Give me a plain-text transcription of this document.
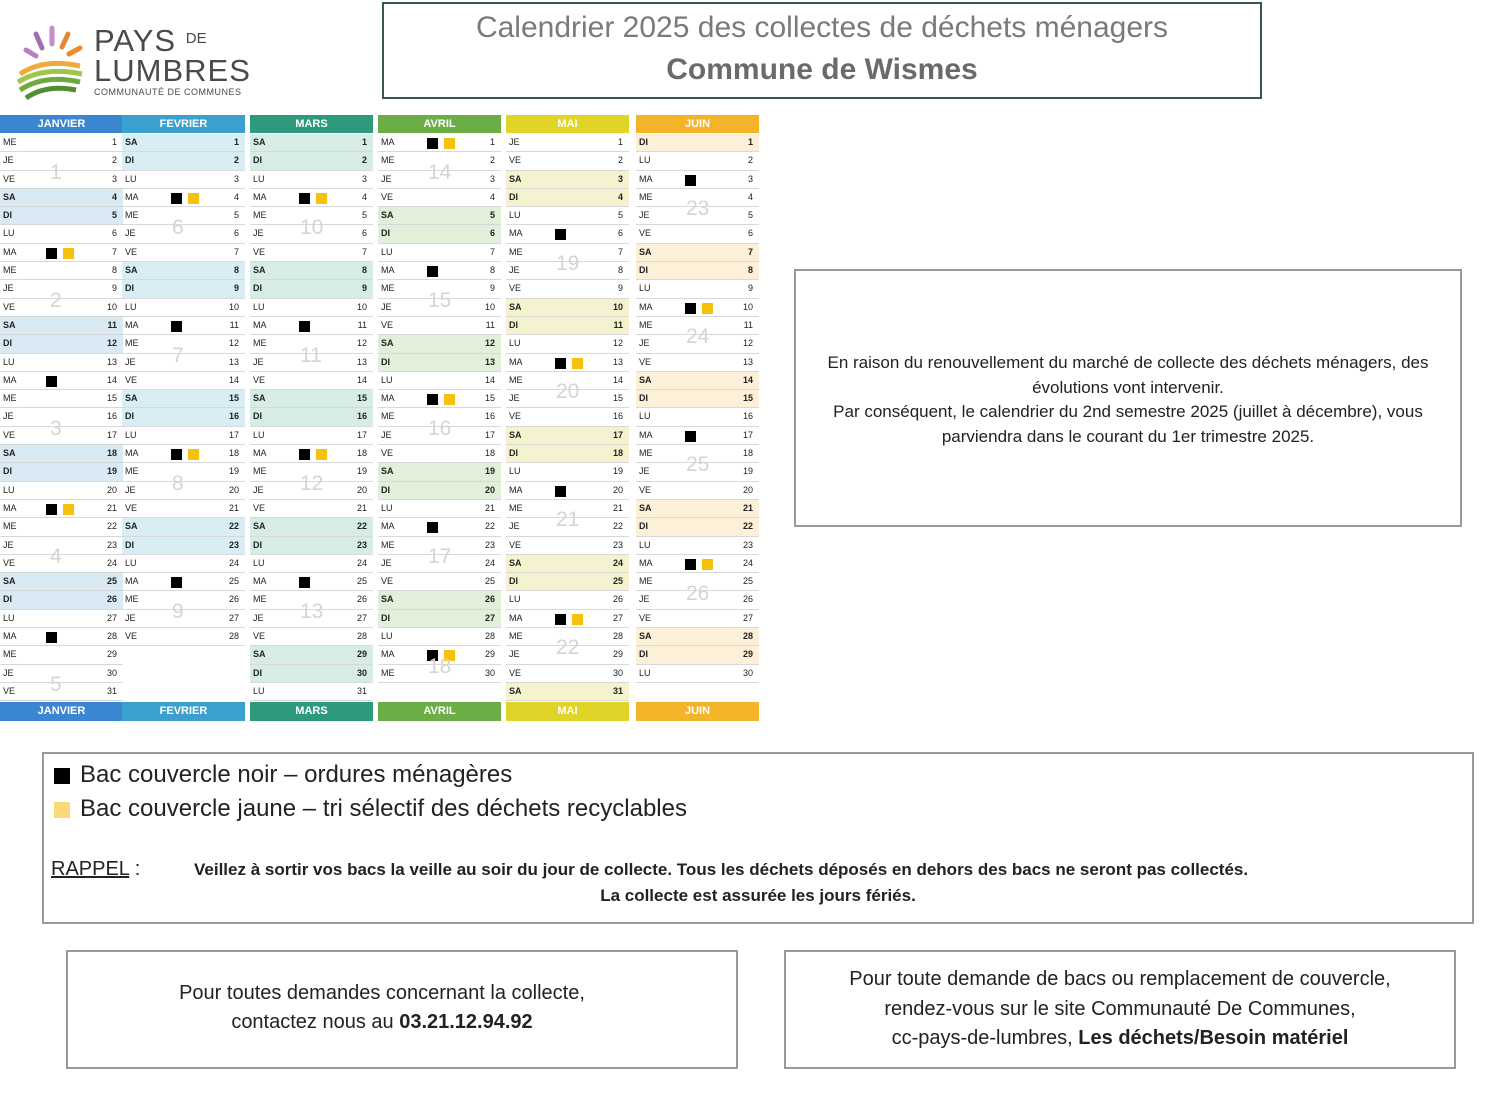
PAYS $^{DE}$
LUMBRES
COMMUNAUTÉ DE COMMUNES
Calendrier 2025 des collectes de déchets ménagers
Commune de Wismes
JANVIER
ME	1
JE	2
VE	3
SA	4
DI	5
LU	6
MA	7
ME	8
JE	9
VE	10
SA	11
DI	12
LU	13
MA	14
ME	15
JE	16
VE	17
SA	18
DI	19
LU	20
MA	21
ME	22
JE	23
VE	24
SA	25
DI	26
LU	27
MA	28
ME	29
JE	30
VE	31
1
2
3
4
5
JANVIER
FEVRIER
SA	1
DI	2
LU	3
MA	4
ME	5
JE	6
VE	7
SA	8
DI	9
LU	10
MA	11
ME	12
JE	13
VE	14
SA	15
DI	16
LU	17
MA	18
ME	19
JE	20
VE	21
SA	22
DI	23
LU	24
MA	25
ME	26
JE	27
VE	28
6
7
8
9
FEVRIER
MARS
SA	1
DI	2
LU	3
MA	4
ME	5
JE	6
VE	7
SA	8
DI	9
LU	10
MA	11
ME	12
JE	13
VE	14
SA	15
DI	16
LU	17
MA	18
ME	19
JE	20
VE	21
SA	22
DI	23
LU	24
MA	25
ME	26
JE	27
VE	28
SA	29
DI	30
LU	31
10
11
12
13
MARS
AVRIL
MA	1
ME	2
JE	3
VE	4
SA	5
DI	6
LU	7
MA	8
ME	9
JE	10
VE	11
SA	12
DI	13
LU	14
MA	15
ME	16
JE	17
VE	18
SA	19
DI	20
LU	21
MA	22
ME	23
JE	24
VE	25
SA	26
DI	27
LU	28
MA	29
ME	30
14
15
16
17
18
AVRIL
MAI
JE	1
VE	2
SA	3
DI	4
LU	5
MA	6
ME	7
JE	8
VE	9
SA	10
DI	11
LU	12
MA	13
ME	14
JE	15
VE	16
SA	17
DI	18
LU	19
MA	20
ME	21
JE	22
VE	23
SA	24
DI	25
LU	26
MA	27
ME	28
JE	29
VE	30
SA	31
19
20
21
22
MAI
JUIN
DI	1
LU	2
MA	3
ME	4
JE	5
VE	6
SA	7
DI	8
LU	9
MA	10
ME	11
JE	12
VE	13
SA	14
DI	15
LU	16
MA	17
ME	18
JE	19
VE	20
SA	21
DI	22
LU	23
MA	24
ME	25
JE	26
VE	27
SA	28
DI	29
LU	30
23
24
25
26
JUIN
En raison du renouvellement du marché de collecte des déchets ménagers, des
évolutions vont intervenir.
Par conséquent, le calendrier du 2nd semestre 2025 (juillet à décembre), vous
parviendra dans le courant du 1er trimestre 2025.
Bac couvercle noir – ordures ménagères
Bac couvercle jaune – tri sélectif des déchets recyclables
RAPPEL :	Veillez à sortir vos bacs la veille au soir du jour de collecte. Tous les déchets déposés en dehors des bacs ne seront pas collectés.
La collecte est assurée les jours fériés.
Pour toutes demandes concernant la collecte,
contactez nous au 03.21.12.94.92
Pour toute demande de bacs ou remplacement de couvercle,
rendez-vous sur le site Communauté De Communes,
cc-pays-de-lumbres, Les déchets/Besoin matériel
